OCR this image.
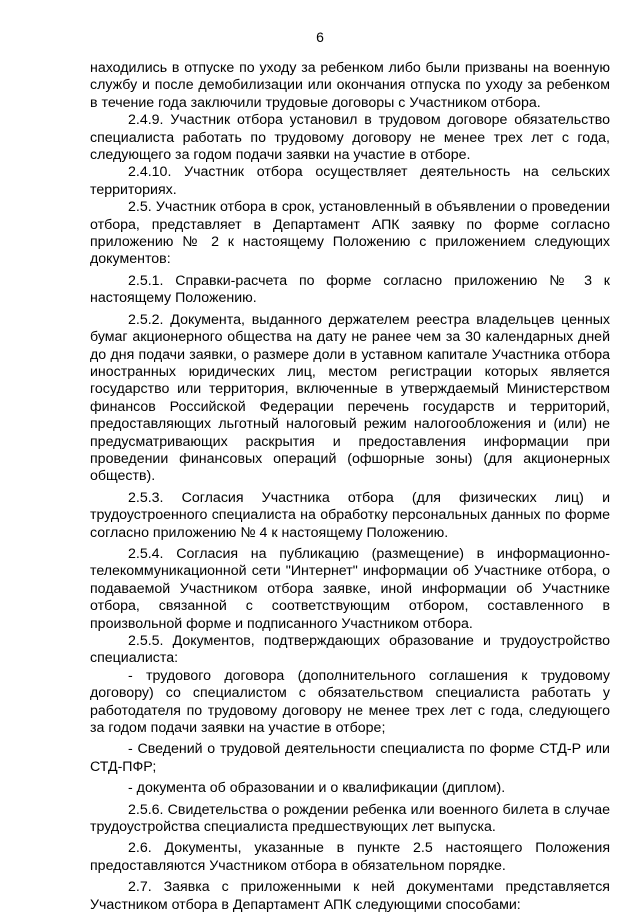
6

находились в отпуске по уходу за ребенком либо были призваны на военную службу и после демобилизации или окончания отпуска по уходу за ребенком в течение года заключили трудовые договоры с Участником отбора.

2.4.9. Участник отбора установил в трудовом договоре обязательство специалиста работать по трудовому договору не менее трех лет с года, следующего за годом подачи заявки на участие в отборе.

2.4.10. Участник отбора осуществляет деятельность на сельских территориях.

2.5. Участник отбора в срок, установленный в объявлении о проведении отбора, представляет в Департамент АПК заявку по форме согласно приложению № 2 к настоящему Положению с приложением следующих документов:

2.5.1. Справки-расчета по форме согласно приложению № 3 к настоящему Положению.

2.5.2. Документа, выданного держателем реестра владельцев ценных бумаг акционерного общества на дату не ранее чем за 30 календарных дней до дня подачи заявки, о размере доли в уставном капитале Участника отбора иностранных юридических лиц, местом регистрации которых является государство или территория, включенные в утверждаемый Министерством финансов Российской Федерации перечень государств и территорий, предоставляющих льготный налоговый режим налогообложения и (или) не предусматривающих раскрытия и предоставления информации при проведении финансовых операций (офшорные зоны) (для акционерных обществ).

2.5.3. Согласия Участника отбора (для физических лиц) и трудоустроенного специалиста на обработку персональных данных по форме согласно приложению № 4 к настоящему Положению.

2.5.4. Согласия на публикацию (размещение) в информационно-телекоммуникационной сети "Интернет" информации об Участнике отбора, о подаваемой Участником отбора заявке, иной информации об Участнике отбора, связанной с соответствующим отбором, составленного в произвольной форме и подписанного Участником отбора.

2.5.5. Документов, подтверждающих образование и трудоустройство специалиста:

- трудового договора (дополнительного соглашения к трудовому договору) со специалистом с обязательством специалиста работать у работодателя по трудовому договору не менее трех лет с года, следующего за годом подачи заявки на участие в отборе;

- Сведений о трудовой деятельности специалиста по форме СТД-Р или СТД-ПФР;

- документа об образовании и о квалификации (диплом).

2.5.6. Свидетельства о рождении ребенка или военного билета в случае трудоустройства специалиста предшествующих лет выпуска.

2.6. Документы, указанные в пункте 2.5 настоящего Положения предоставляются Участником отбора в обязательном порядке.

2.7. Заявка с приложенными к ней документами представляется Участником отбора в Департамент АПК следующими способами:
